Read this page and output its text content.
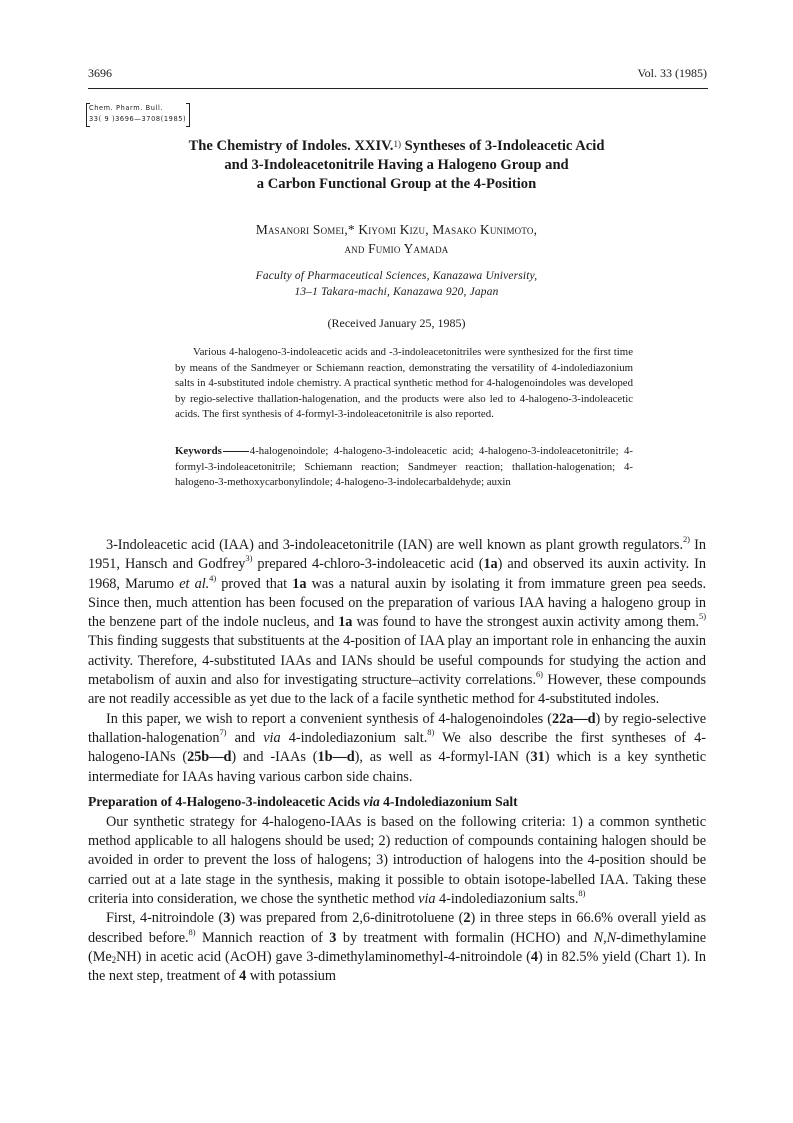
3696	Vol. 33 (1985)
Chem. Pharm. Bull.
33( 9 )3696—3708(1985)
The Chemistry of Indoles. XXIV.$^{1)}$ Syntheses of 3-Indoleacetic Acid
and 3-Indoleacetonitrile Having a Halogeno Group and
a Carbon Functional Group at the 4-Position
Masanori Somei,* Kiyomi Kizu, Masako Kunimoto,
and Fumio Yamada
Faculty of Pharmaceutical Sciences, Kanazawa University,
13–1 Takara-machi, Kanazawa 920, Japan
(Received January 25, 1985)
Various 4-halogeno-3-indoleacetic acids and -3-indoleacetonitriles were synthesized for the first time by means of the Sandmeyer or Schiemann reaction, demonstrating the versatility of 4-indolediazonium salts in 4-substituted indole chemistry. A practical synthetic method for 4-halogenoindoles was developed by regio-selective thallation-halogenation, and the products were also led to 4-halogeno-3-indoleacetic acids. The first synthesis of 4-formyl-3-indoleacetonitrile is also reported.
Keywords	4-halogenoindole; 4-halogeno-3-indoleacetic acid; 4-halogeno-3-indoleacetonitrile; 4-formyl-3-indoleacetonitrile; Schiemann reaction; Sandmeyer reaction; thallation-halogenation; 4-halogeno-3-methoxycarbonylindole; 4-halogeno-3-indolecarbaldehyde; auxin

3-Indoleacetic acid (IAA) and 3-indoleacetonitrile (IAN) are well known as plant growth regulators.$^{2)}$ In 1951, Hansch and Godfrey$^{3)}$ prepared 4-chloro-3-indoleacetic acid (1a) and observed its auxin activity. In 1968, Marumo et al.$^{4)}$ proved that 1a was a natural auxin by isolating it from immature green pea seeds. Since then, much attention has been focused on the preparation of various IAA having a halogeno group in the benzene part of the indole nucleus, and 1a was found to have the strongest auxin activity among them.$^{5)}$ This finding suggests that substituents at the 4-position of IAA play an important role in enhancing the auxin activity. Therefore, 4-substituted IAAs and IANs should be useful compounds for studying the action and metabolism of auxin and also for investigating structure–activity correlations.$^{6)}$ However, these compounds are not readily accessible as yet due to the lack of a facile synthetic method for 4-substituted indoles.

In this paper, we wish to report a convenient synthesis of 4-halogenoindoles (22a—d) by regio-selective thallation-halogenation$^{7)}$ and via 4-indolediazonium salt.$^{8)}$ We also describe the first syntheses of 4-halogeno-IANs (25b—d) and -IAAs (1b—d), as well as 4-formyl-IAN (31) which is a key synthetic intermediate for IAAs having various carbon side chains.

Preparation of 4-Halogeno-3-indoleacetic Acids via 4-Indolediazonium Salt

Our synthetic strategy for 4-halogeno-IAAs is based on the following criteria: 1) a common synthetic method applicable to all halogens should be used; 2) reduction of compounds containing halogen should be avoided in order to prevent the loss of halogens; 3) introduction of halogens into the 4-position should be carried out at a late stage in the synthesis, making it possible to obtain isotope-labelled IAA. Taking these criteria into consideration, we chose the synthetic method via 4-indolediazonium salts.$^{8)}$

First, 4-nitroindole (3) was prepared from 2,6-dinitrotoluene (2) in three steps in 66.6% overall yield as described before.$^{8)}$ Mannich reaction of 3 by treatment with formalin (HCHO) and N,N-dimethylamine $(Me_2NH)$ in acetic acid (AcOH) gave 3-dimethylaminomethyl-4-nitroindole (4) in 82.5% yield (Chart 1). In the next step, treatment of 4 with potassium
